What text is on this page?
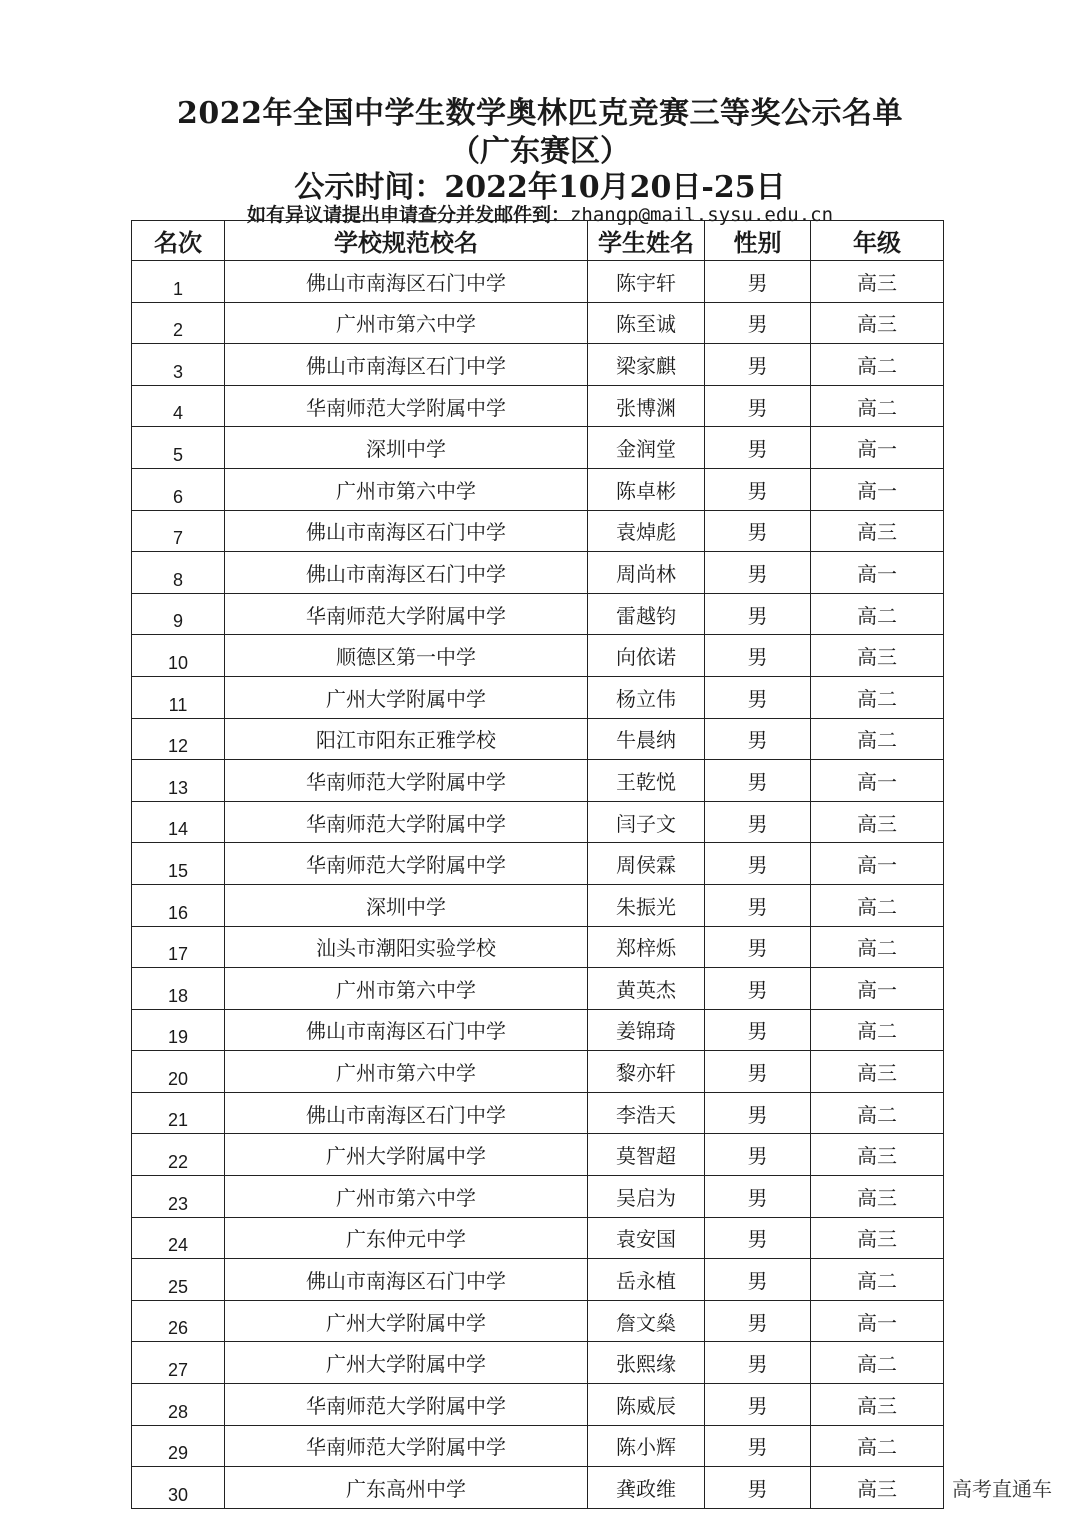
2022年全国中学生数学奥林匹克竞赛三等奖公示名单
（广东赛区）
公示时间：2022年10月20日-25日
如有异议请提出申请查分并发邮件到：zhangp@mail.sysu.edu.cn
名次	学校规范校名	学生姓名	性别	年级
1	佛山市南海区石门中学	陈宇轩	男	高三
2	广州市第六中学	陈至诚	男	高三
3	佛山市南海区石门中学	梁家麒	男	高二
4	华南师范大学附属中学	张博渊	男	高二
5	深圳中学	金润堂	男	高一
6	广州市第六中学	陈卓彬	男	高一
7	佛山市南海区石门中学	袁焯彪	男	高三
8	佛山市南海区石门中学	周尚林	男	高一
9	华南师范大学附属中学	雷越钧	男	高二
10	顺德区第一中学	向依诺	男	高三
11	广州大学附属中学	杨立伟	男	高二
12	阳江市阳东正雅学校	牛晨纳	男	高二
13	华南师范大学附属中学	王乾悦	男	高一
14	华南师范大学附属中学	闫子文	男	高三
15	华南师范大学附属中学	周侯霖	男	高一
16	深圳中学	朱振光	男	高二
17	汕头市潮阳实验学校	郑梓烁	男	高二
18	广州市第六中学	黄英杰	男	高一
19	佛山市南海区石门中学	姜锦琦	男	高二
20	广州市第六中学	黎亦轩	男	高三
21	佛山市南海区石门中学	李浩天	男	高二
22	广州大学附属中学	莫智超	男	高三
23	广州市第六中学	吴启为	男	高三
24	广东仲元中学	袁安国	男	高三
25	佛山市南海区石门中学	岳永植	男	高二
26	广州大学附属中学	詹文燊	男	高一
27	广州大学附属中学	张熙缘	男	高二
28	华南师范大学附属中学	陈威辰	男	高三
29	华南师范大学附属中学	陈小辉	男	高二
30	广东高州中学	龚政维	男	高三	高考直通车
